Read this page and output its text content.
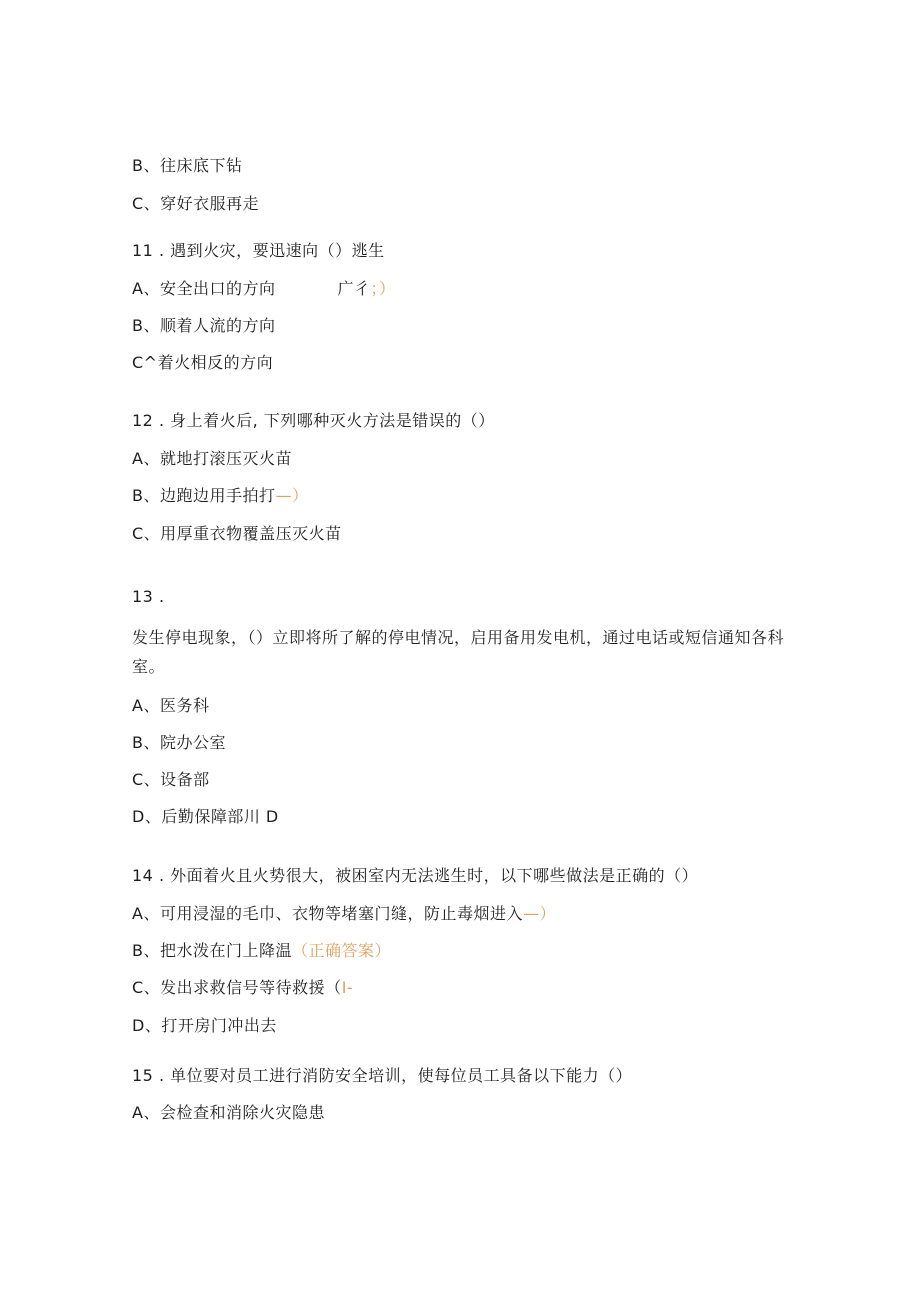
B、往床底下钻
C、穿好衣服再走
11 . 遇到火灾，要迅速向（）逃生
A、安全出口的方向	广彳；）
B、顺着人流的方向
C^着火相反的方向
12 . 身上着火后, 下列哪种灭火方法是错误的（）
A、就地打滚压灭火苗
B、边跑边用手拍打—）
C、用厚重衣物覆盖压灭火苗
13 .
发生停电现象，（）立即将所了解的停电情况，启用备用发电机，通过电话或短信通知各科室。
A、医务科
B、院办公室
C、设备部
D、后勤保障部川 D
14 . 外面着火且火势很大，被困室内无法逃生时，以下哪些做法是正确的（）
A、可用浸湿的毛巾、衣物等堵塞门缝，防止毒烟进入—）
B、把水泼在门上降温（正确答案）
C、发出求救信号等待救援（I-
D、打开房门冲出去
15 . 单位要对员工进行消防安全培训，使每位员工具备以下能力（）
A、会检查和消除火灾隐患
